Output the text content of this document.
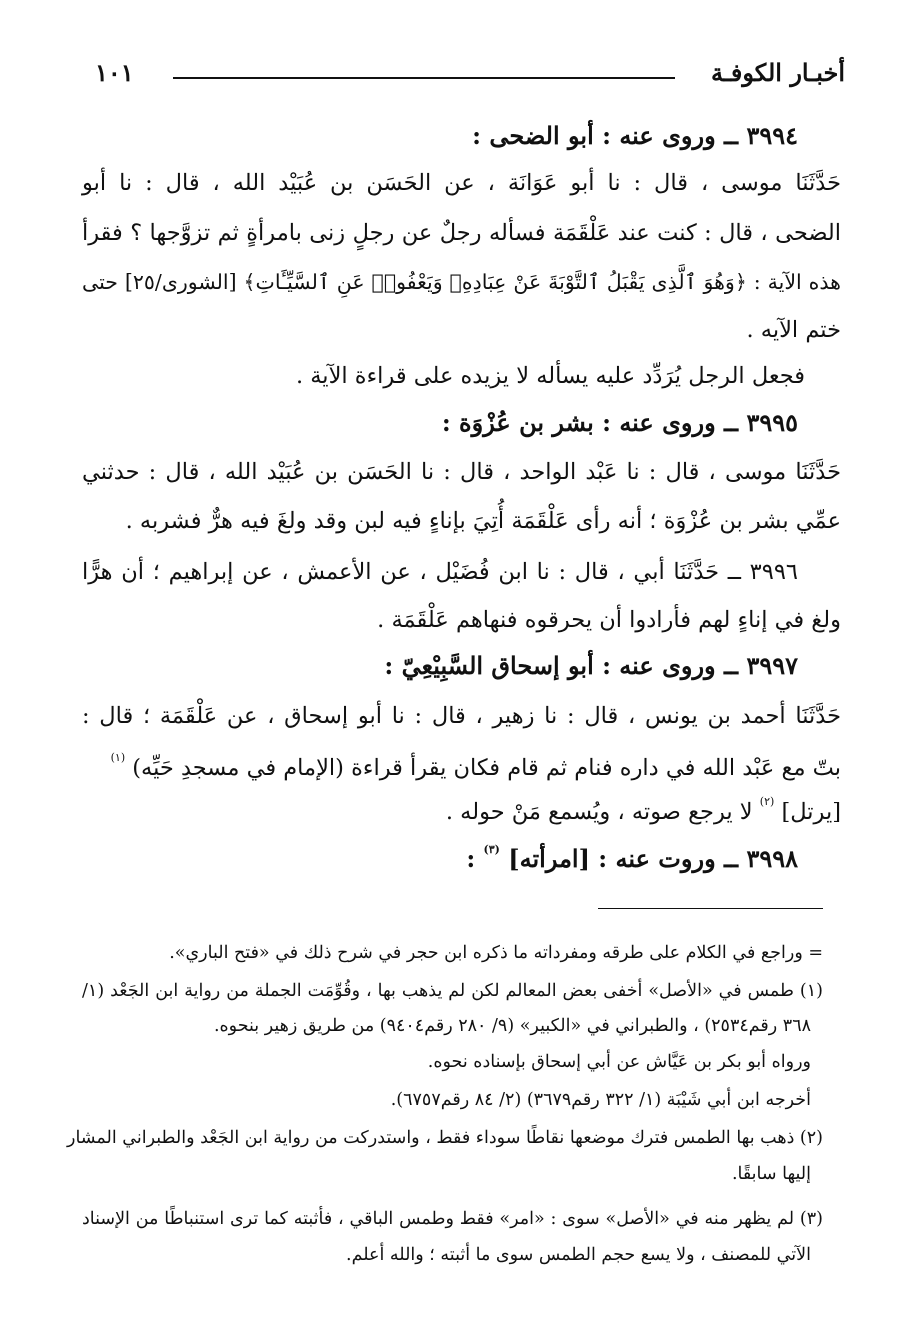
أخبـار الكوفـة
١٠١
٣٩٩٤ ــ وروى عنه : أبو الضحى :
حَدَّثَنَا موسى ، قال : نا أبو عَوَانَة ، عن الحَسَن بن عُبَيْد الله ، قال : نا أبو
الضحى ، قال : كنت عند عَلْقَمَة فسأله رجلٌ عن رجلٍ زنى بامرأةٍ ثم تزوَّجها ؟ فقرأ
هذه الآية : ﴿وَهُوَ ٱلَّذِى يَقْبَلُ ٱلتَّوْبَةَ عَنْ عِبَادِهِۦ وَيَعْفُوا۟ عَنِ ٱلسَّيِّـَٔاتِ﴾ [الشورى/٢٥] حتى
ختم الآيه .
فجعل الرجل يُرَدِّد عليه يسأله لا يزيده على قراءة الآية .
٣٩٩٥ ــ وروى عنه : بشر بن عُزْوَة :
حَدَّثَنَا موسى ، قال : نا عَبْد الواحد ، قال : نا الحَسَن بن عُبَيْد الله ، قال : حدثني
عمِّي بشر بن عُزْوَة ؛ أنه رأى عَلْقَمَة أُتِيَ بإناءٍ فيه لبن وقد ولغَ فيه هرٌّ فشربه .
٣٩٩٦ ــ حَدَّثَنَا أبي ، قال : نا ابن فُضَيْل ، عن الأعمش ، عن إبراهيم ؛ أن هرًّا
ولغ في إناءٍ لهم فأرادوا أن يحرقوه فنهاهم عَلْقَمَة .
٣٩٩٧ ــ وروى عنه : أبو إسحاق السَّبِيْعِيّ :
حَدَّثَنَا أحمد بن يونس ، قال : نا زهير ، قال : نا أبو إسحاق ، عن عَلْقَمَة ؛ قال :
بتّ مع عَبْد الله في داره فنام ثم قام فكان يقرأ قراءة (الإمام في مسجدِ حَيِّه) $^{(١)}$
[يرتل] $^{(٢)}$ لا يرجع صوته ، ويُسمع مَنْ حوله .
٣٩٩٨ ــ وروت عنه : [امرأته] $^{(٣)}$ :
= وراجع في الكلام على طرقه ومفرداته ما ذكره ابن حجر في شرح ذلك في «فتح الباري».
(١) طمس في «الأصل» أخفى بعض المعالم لكن لم يذهب بها ، وقُوِّمَت الجملة من رواية ابن الجَعْد (١/
٣٦٨ رقم٢٥٣٤) ، والطبراني في «الكبير» (٩/ ٢٨٠ رقم٩٤٠٤) من طريق زهير بنحوه.
ورواه أبو بكر بن عَيَّاش عن أبي إسحاق بإسناده نحوه.
أخرجه ابن أبي شَيْبَة (١/ ٣٢٢ رقم٣٦٧٩) (٢/ ٨٤ رقم٦٧٥٧).
(٢) ذهب بها الطمس فترك موضعها نقاطًا سوداء فقط ، واستدركت من رواية ابن الجَعْد والطبراني المشار
إليها سابقًا.
(٣) لم يظهر منه في «الأصل» سوى : «امر» فقط وطمس الباقي ، فأثبته كما ترى استنباطًا من الإسناد
الآتي للمصنف ، ولا يسع حجم الطمس سوى ما أثبته ؛ والله أعلم.
